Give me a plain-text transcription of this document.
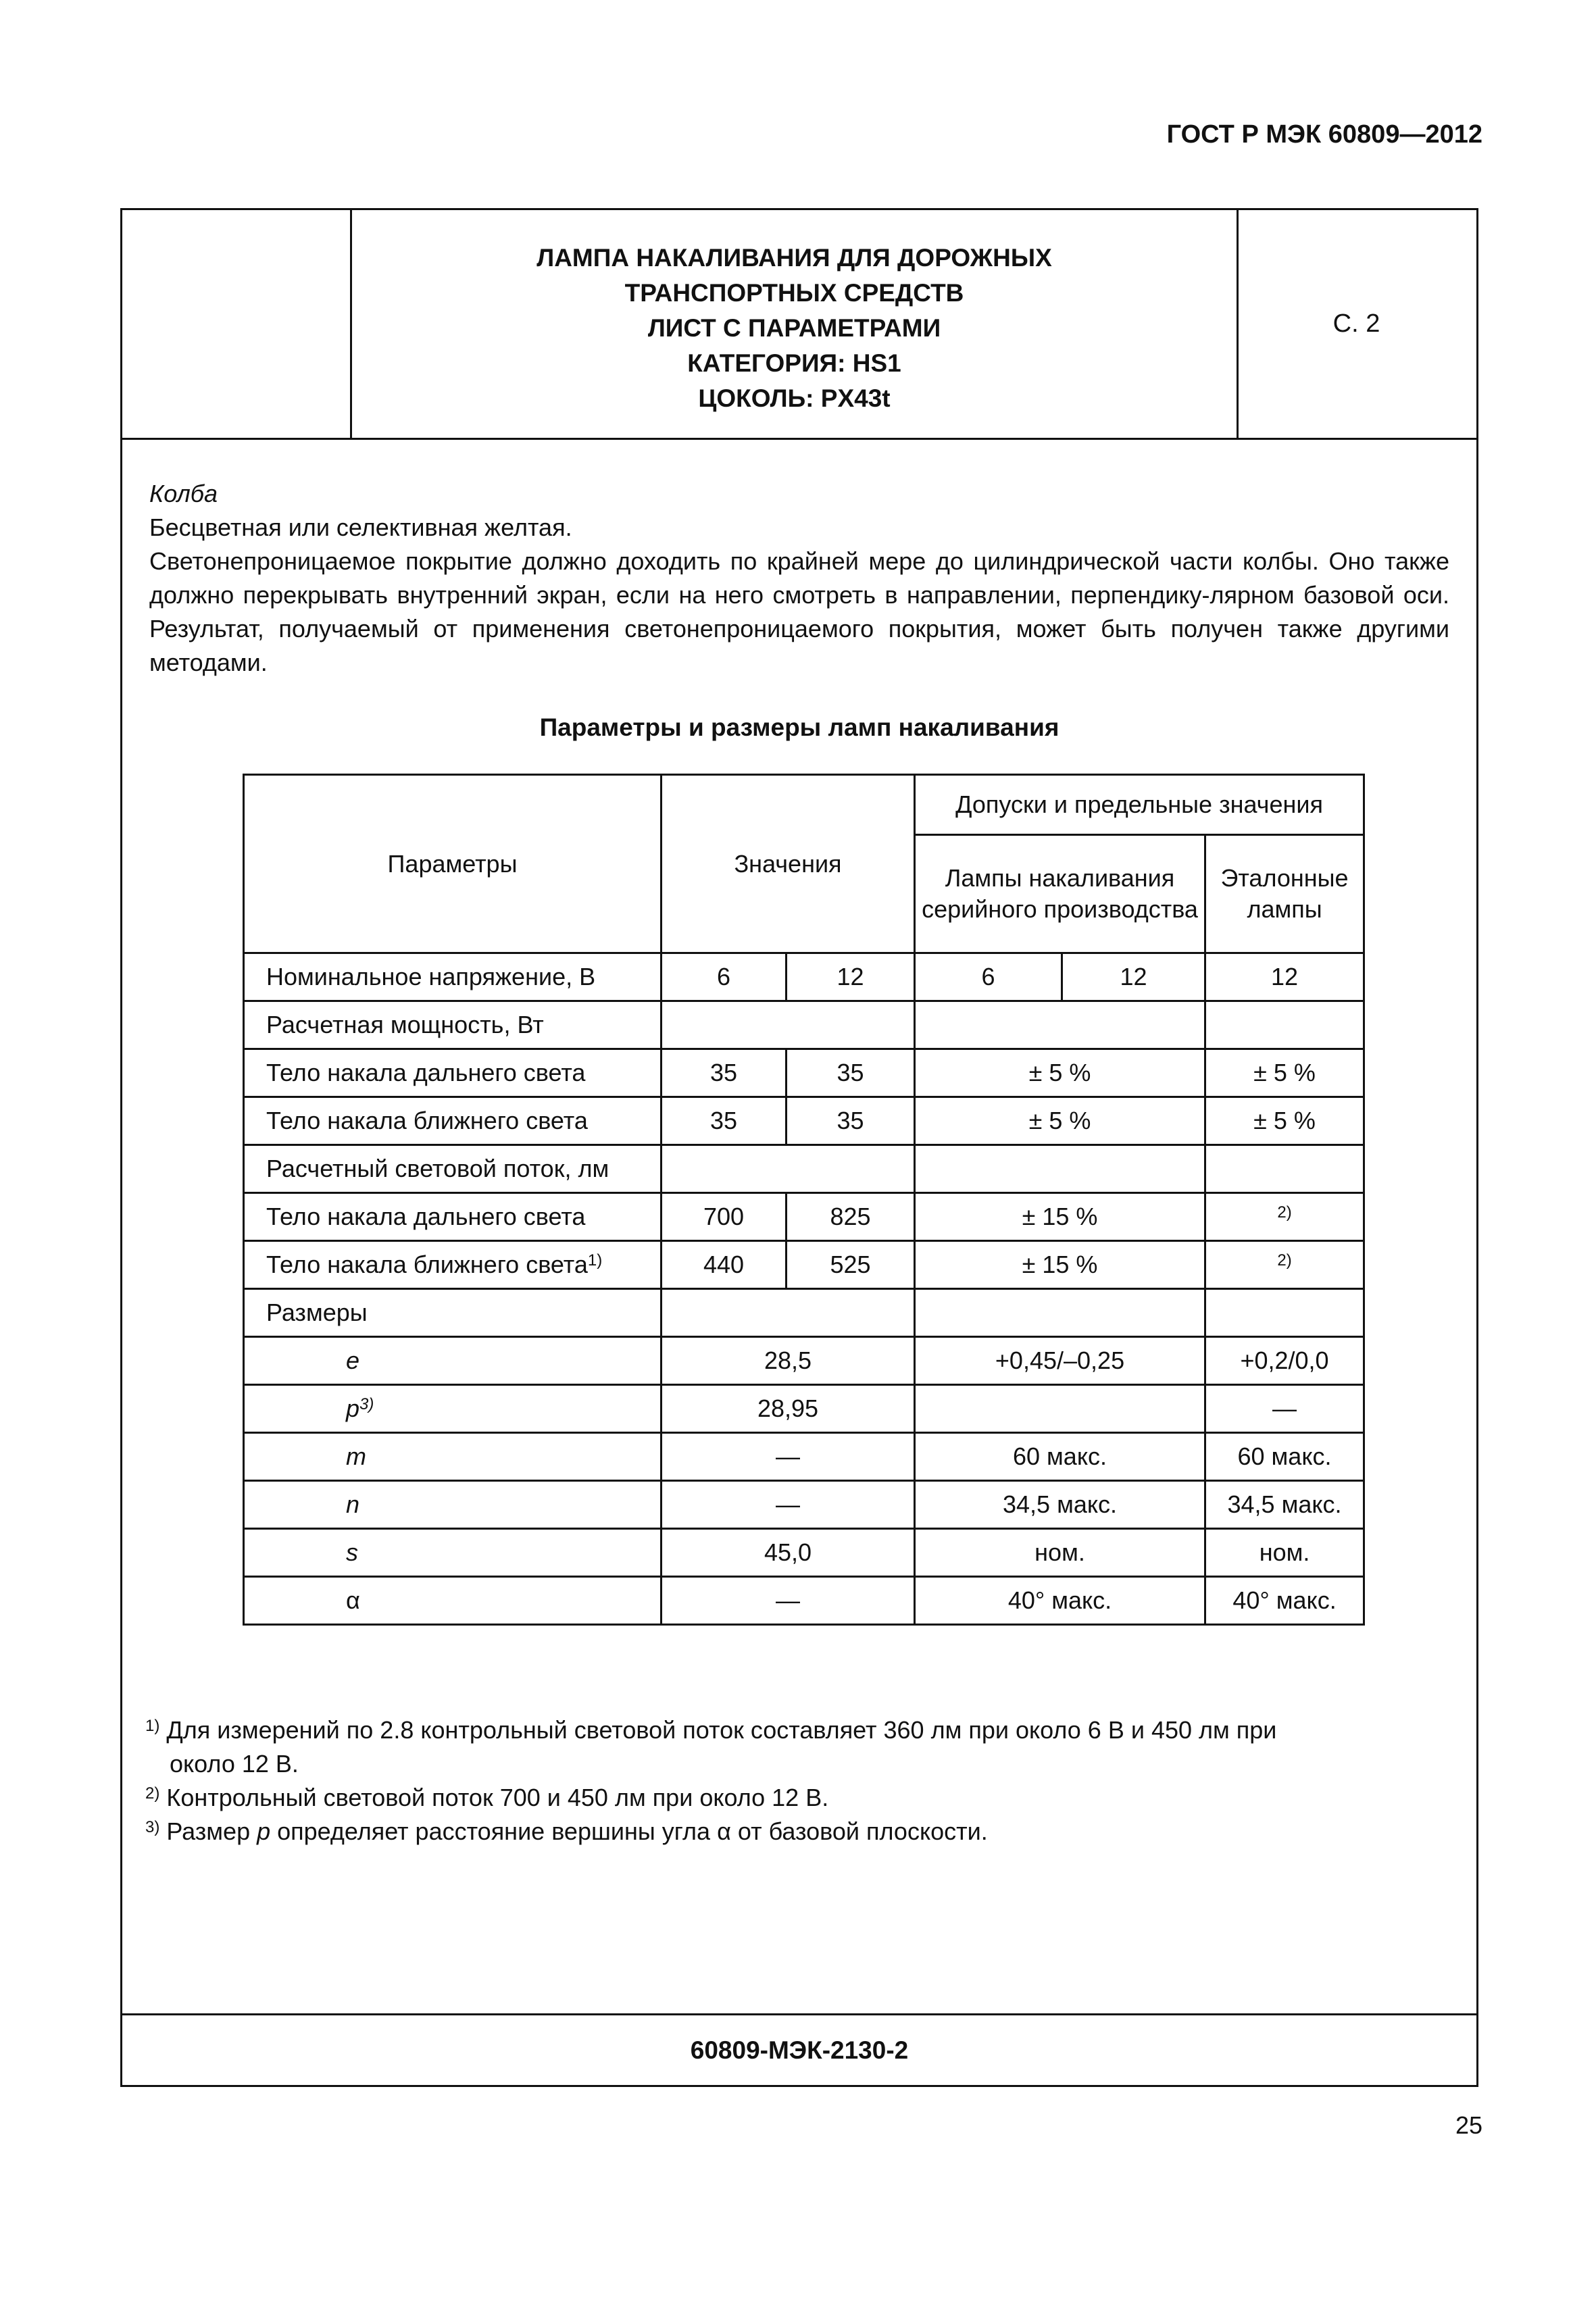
ГОСТ Р МЭК 60809—2012
ЛАМПА НАКАЛИВАНИЯ ДЛЯ ДОРОЖНЫХ
ТРАНСПОРТНЫХ СРЕДСТВ
ЛИСТ С ПАРАМЕТРАМИ
КАТЕГОРИЯ: HS1
ЦОКОЛЬ: PX43t
С. 2

Колба

Бесцветная или селективная желтая.

Светонепроницаемое покрытие должно доходить по крайней мере до цилиндрической части колбы. Оно также должно перекрывать внутренний экран, если на него смотреть в направлении, перпендику-лярном базовой оси. Результат, получаемый от применения светонепроницаемого покрытия, может быть получен также другими методами.

Параметры и размеры ламп накаливания
Параметры	Значения		Допуски и предельные значения		
			Лампы накаливания серийного производства		Эталонные лампы
Номинальное напряжение, В	6	12	6	12	12
Расчетная мощность, Вт					
Тело накала дальнего света	35	35	± 5 %		± 5 %
Тело накала ближнего света	35	35	± 5 %		± 5 %
Расчетный световой поток, лм					
Тело накала дальнего света	700	825	± 15 %		$^{2)}$
Тело накала ближнего света$^{1)}$	440	525	± 15 %		$^{2)}$
Размеры					
e	28,5		+0,45/–0,25		+0,2/0,0
$p^{3)}$	28,95				—
m	—		60 макс.		60 макс.
n	—		34,5 макс.		34,5 макс.
s	45,0		ном.		ном.
α	—		40° макс.		40° макс.

$^{1)}$ Для измерений по 2.8 контрольный световой поток составляет 360 лм при около 6 В и 450 лм при

около 12 В.

$^{2)}$ Контрольный световой поток 700 и 450 лм при около 12 В.

$^{3)}$ Размер p определяет расстояние вершины угла α от базовой плоскости.

60809-МЭК-2130-2
25
